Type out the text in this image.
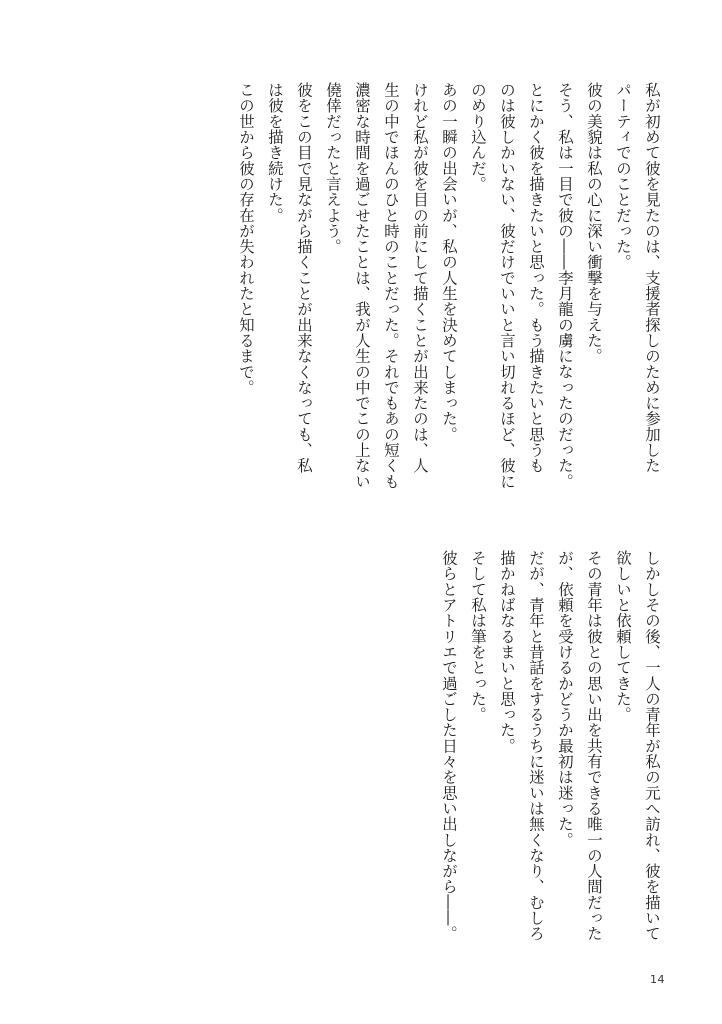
私が初めて彼を見たのは、支援者探しのために参加した

パーティでのことだった。

彼の美貌は私の心に深い衝撃を与えた。

そう、私は一目で彼の――李月龍の虜になったのだった。

とにかく彼を描きたいと思った。もう描きたいと思うも

のは彼しかいない、彼だけでいいと言い切れるほど、彼に

のめり込んだ。

あの一瞬の出会いが、私の人生を決めてしまった。

けれど私が彼を目の前にして描くことが出来たのは、人

生の中でほんのひと時のことだった。それでもあの短くも

濃密な時間を過ごせたことは、我が人生の中でこの上ない

僥倖だったと言えよう。

彼をこの目で見ながら描くことが出来なくなっても、私

は彼を描き続けた。

この世から彼の存在が失われたと知るまで。

しかしその後、一人の青年が私の元へ訪れ、彼を描いて

欲しいと依頼してきた。

その青年は彼との思い出を共有できる唯一の人間だった

が、依頼を受けるかどうか最初は迷った。

だが、青年と昔話をするうちに迷いは無くなり、むしろ

描かねばなるまいと思った。

そして私は筆をとった。

彼らとアトリエで過ごした日々を思い出しながら――。

14
